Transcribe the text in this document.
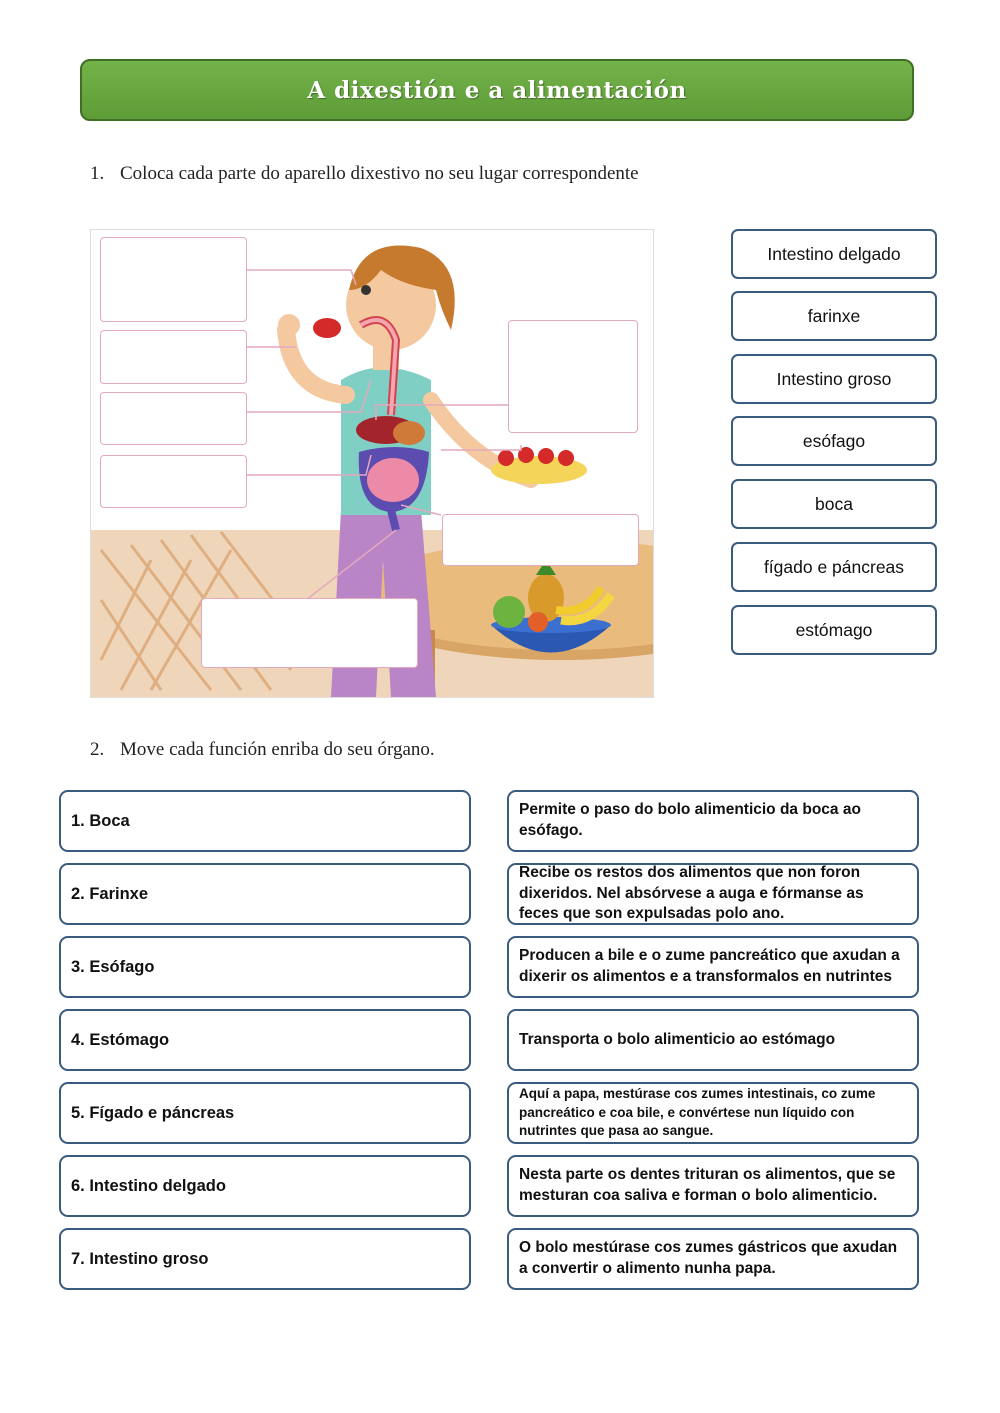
A dixestión e a alimentación
1. Coloca cada parte do aparello dixestivo no seu lugar correspondente
Intestino delgado
farinxe
Intestino groso
esófago
boca
fígado e páncreas
estómago
2. Move cada función enriba do seu órgano.
1. Boca
2. Farinxe
3. Esófago
4. Estómago
5. Fígado e páncreas
6. Intestino delgado
7. Intestino groso
Permite o paso do bolo alimenticio da boca ao esófago.
Recibe os restos dos alimentos que non foron dixeridos. Nel absórvese a auga e fórmanse as feces que son expulsadas polo ano.
Producen a bile e o zume pancreático que axudan a dixerir os alimentos e a transformalos en nutrintes
Transporta o bolo alimenticio ao estómago
Aquí a papa, mestúrase cos zumes intestinais, co zume pancreático e coa bile, e convértese nun líquido con nutrintes que pasa ao sangue.
Nesta parte os dentes trituran os alimentos, que se mesturan coa saliva e forman o bolo alimenticio.
O bolo mestúrase cos zumes gástricos que axudan a convertir o alimento nunha papa.
